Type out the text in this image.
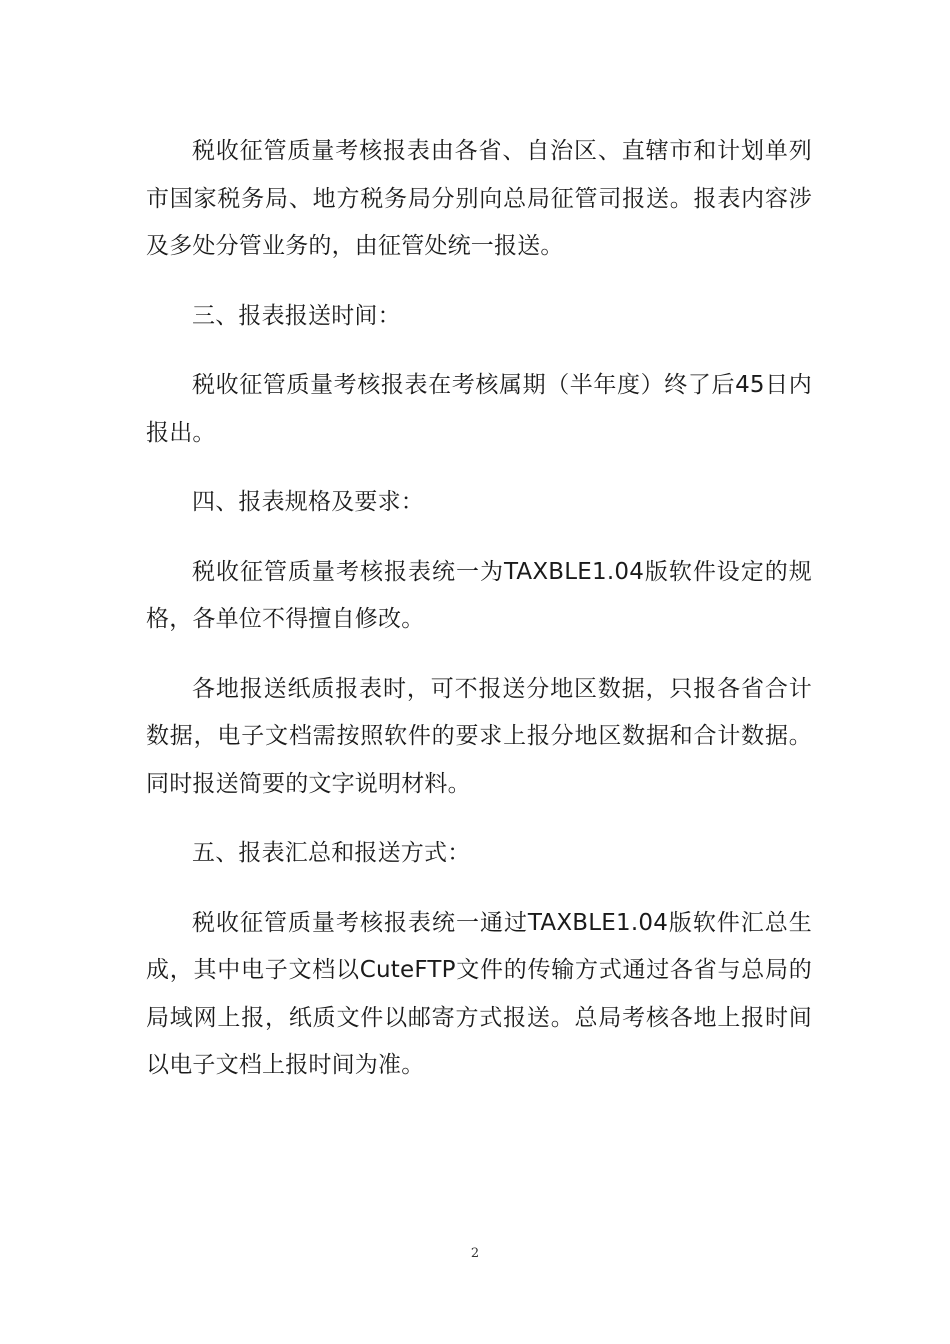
税收征管质量考核报表由各省、自治区、直辖市和计划单列市国家税务局、地方税务局分别向总局征管司报送。报表内容涉及多处分管业务的，由征管处统一报送。

三、报表报送时间：

税收征管质量考核报表在考核属期（半年度）终了后45日内报出。

四、报表规格及要求：

税收征管质量考核报表统一为TAXBLE1.04版软件设定的规格，各单位不得擅自修改。

各地报送纸质报表时，可不报送分地区数据，只报各省合计数据，电子文档需按照软件的要求上报分地区数据和合计数据。同时报送简要的文字说明材料。

五、报表汇总和报送方式：

税收征管质量考核报表统一通过TAXBLE1.04版软件汇总生成，其中电子文档以CuteFTP文件的传输方式通过各省与总局的局域网上报，纸质文件以邮寄方式报送。总局考核各地上报时间以电子文档上报时间为准。

2
